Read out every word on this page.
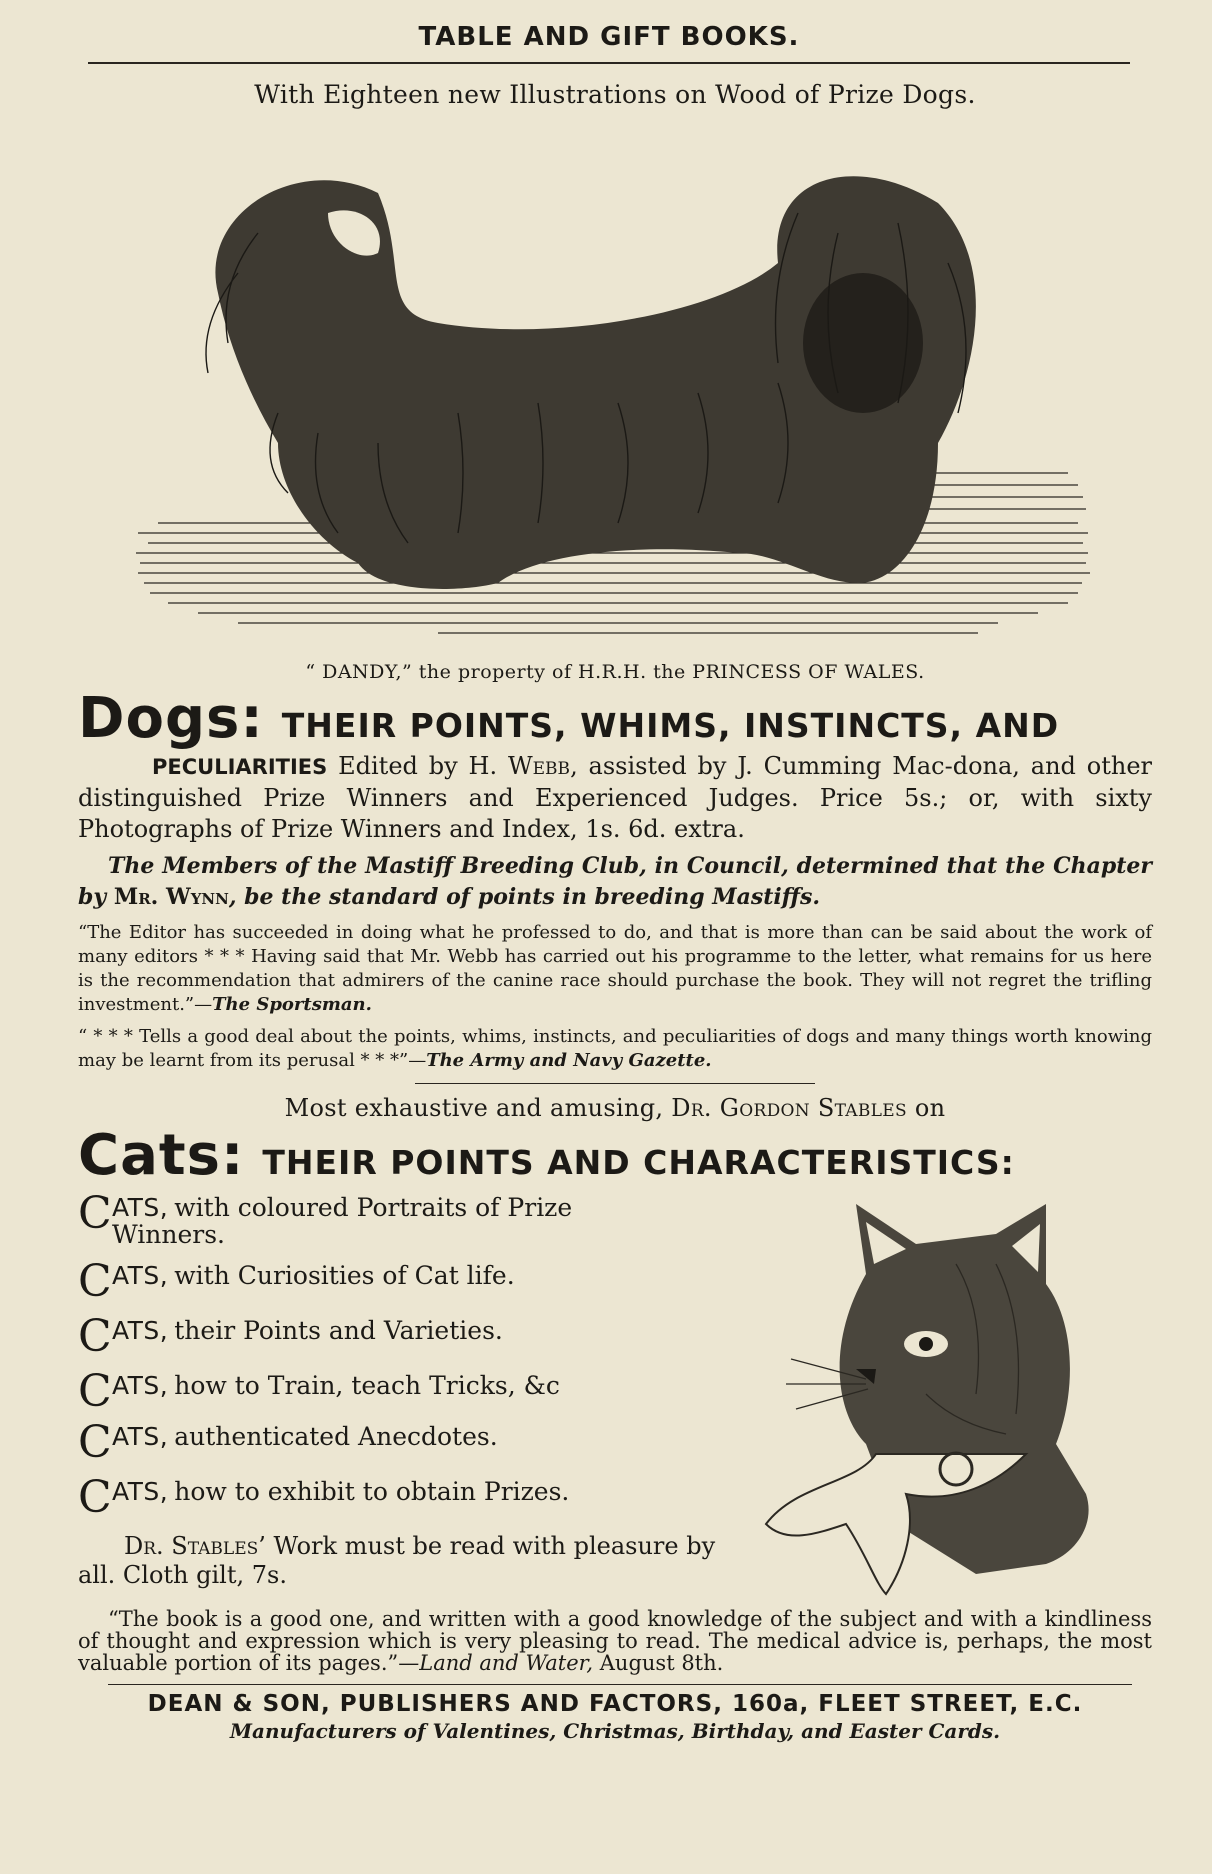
TABLE AND GIFT BOOKS.
With Eighteen new Illustrations on Wood of Prize Dogs.
“ DANDY,” the property of H.R.H. the PRINCESS OF WALES.
Dogs: THEIR POINTS, WHIMS, INSTINCTS, AND
PECULIARITIES Edited by H. Webb, assisted by J. Cumming Mac-dona, and other distinguished Prize Winners and Experienced Judges. Price 5s.; or, with sixty Photographs of Prize Winners and Index, 1s. 6d. extra.
The Members of the Mastiff Breeding Club, in Council, determined that the Chapter by Mr. Wynn, be the standard of points in breeding Mastiffs.
“The Editor has succeeded in doing what he professed to do, and that is more than can be said about the work of many editors * * * Having said that Mr. Webb has carried out his programme to the letter, what remains for us here is the recommendation that admirers of the canine race should purchase the book. They will not regret the trifling investment.”—The Sportsman.
“ * * * Tells a good deal about the points, whims, instincts, and peculiarities of dogs and many things worth knowing may be learnt from its perusal * * *”—The Army and Navy Gazette.
Most exhaustive and amusing, Dr. Gordon Stables on
Cats: THEIR POINTS AND CHARACTERISTICS:
C ATS, with coloured Portraits of Prize Winners.
C ATS, with Curiosities of Cat life.
C ATS, their Points and Varieties.
C ATS, how to Train, teach Tricks, &c
C ATS, authenticated Anecdotes.
C ATS, how to exhibit to obtain Prizes.
Dr. Stables’ Work must be read with pleasure by all. Cloth gilt, 7s.
“The book is a good one, and written with a good knowledge of the subject and with a kindliness of thought and expression which is very pleasing to read. The medical advice is, perhaps, the most valuable portion of its pages.”—Land and Water, August 8th.
DEAN & SON, PUBLISHERS AND FACTORS, 160a, FLEET STREET, E.C.
Manufacturers of Valentines, Christmas, Birthday, and Easter Cards.
